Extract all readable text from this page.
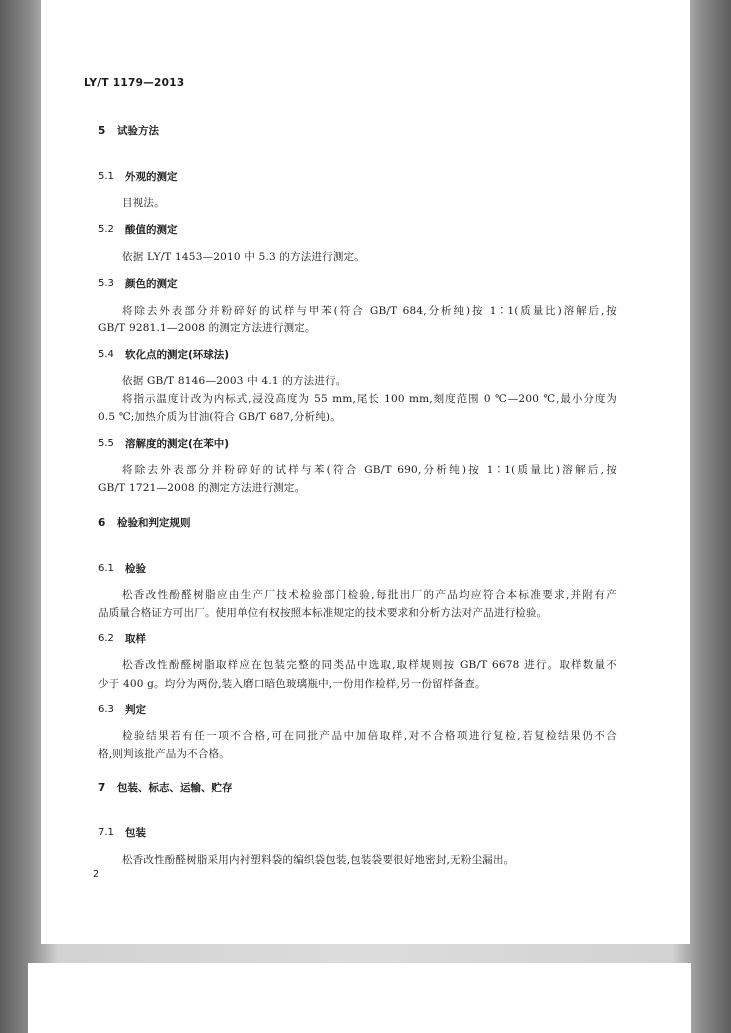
LY/T 1179—2013
5 试验方法
5.1 外观的测定
目视法。
5.2 酸值的测定
依据 LY/T 1453—2010 中 5.3 的方法进行测定。
5.3 颜色的测定
将除去外表部分并粉碎好的试样与甲苯(符合 GB/T 684,分析纯)按 1∶1(质量比)溶解后,按
GB/T 9281.1—2008 的测定方法进行测定。
5.4 软化点的测定(环球法)
依据 GB/T 8146—2003 中 4.1 的方法进行。
将指示温度计改为内标式,浸没高度为 55 mm,尾长 100 mm,刻度范围 0 ℃—200 ℃,最小分度为
0.5 ℃;加热介质为甘油(符合 GB/T 687,分析纯)。
5.5 溶解度的测定(在苯中)
将除去外表部分并粉碎好的试样与苯(符合 GB/T 690,分析纯)按 1∶1(质量比)溶解后,按
GB/T 1721—2008 的测定方法进行测定。
6 检验和判定规则
6.1 检验
松香改性酚醛树脂应由生产厂技术检验部门检验,每批出厂的产品均应符合本标准要求,并附有产
品质量合格证方可出厂。使用单位有权按照本标准规定的技术要求和分析方法对产品进行检验。
6.2 取样
松香改性酚醛树脂取样应在包装完整的同类品中选取,取样规则按 GB/T 6678 进行。取样数量不
少于 400 g。均分为两份,装入磨口暗色玻璃瓶中,一份用作检样,另一份留样备查。
6.3 判定
检验结果若有任一项不合格,可在同批产品中加倍取样,对不合格项进行复检,若复检结果仍不合
格,则判该批产品为不合格。
7 包装、标志、运输、贮存
7.1 包装
松香改性酚醛树脂采用内衬塑料袋的编织袋包装,包装袋要很好地密封,无粉尘漏出。
2
